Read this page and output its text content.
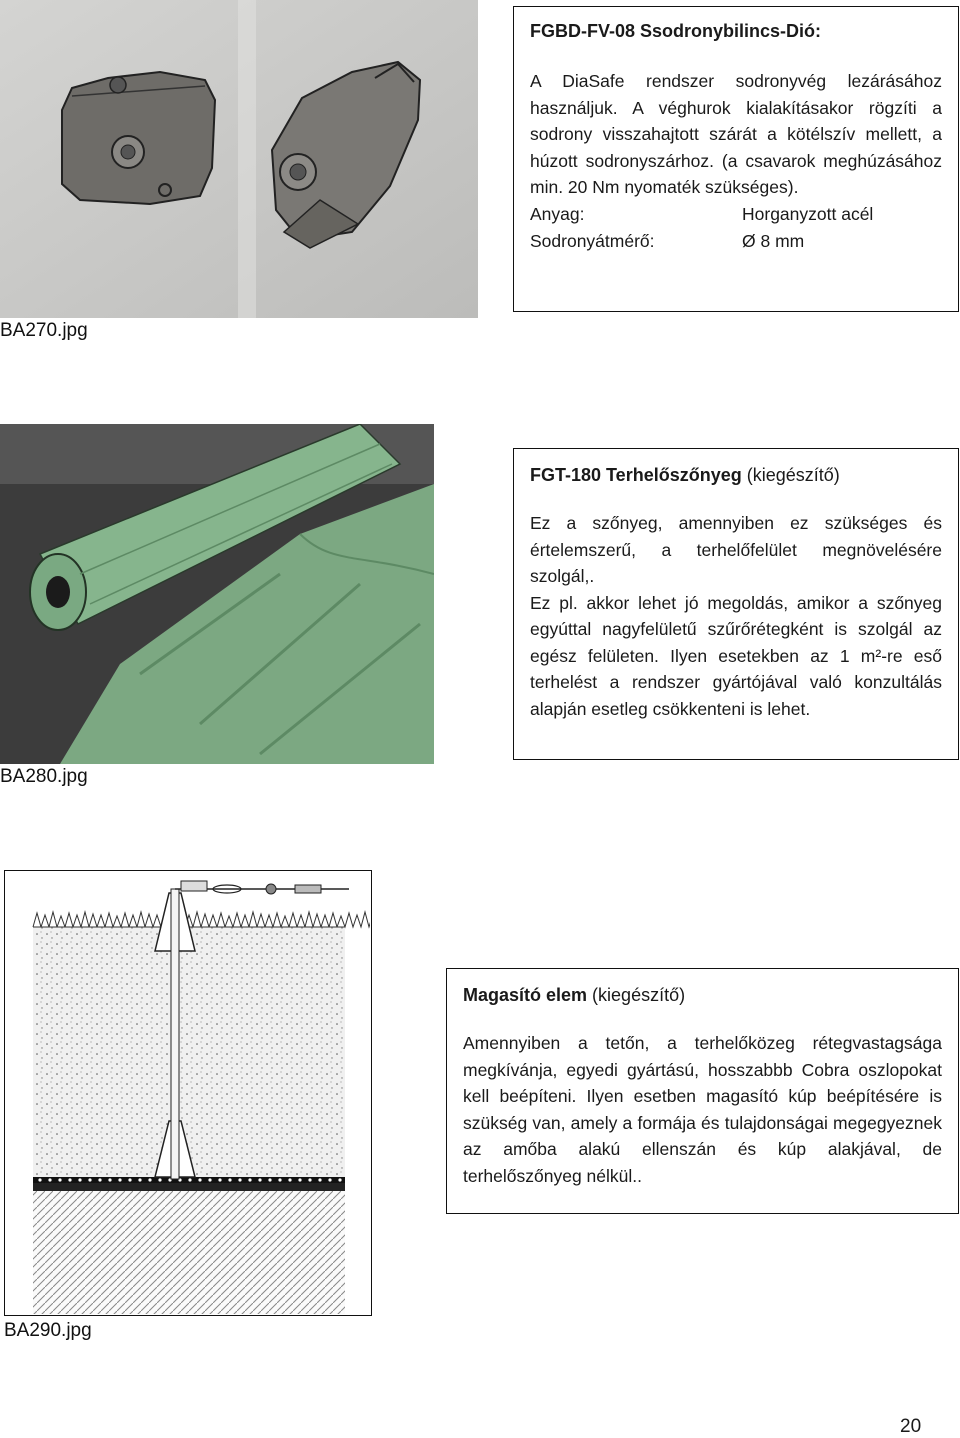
BA270.jpg
FGBD-FV-08 Ssodronybilincs-Dió:

A DiaSafe rendszer sodronyvég lezárásához használjuk. A véghurok kialakításakor rögzíti a sodrony visszahajtott szárát a kötélszív mellett, a húzott sodronyszárhoz. (a csavarok meghúzásához min. 20 Nm nyomaték szükséges).

Anyag:	Horganyzott acél
Sodronyátmérő:	Ø 8 mm
BA280.jpg
FGT-180 Terhelőszőnyeg (kiegészítő)

Ez a szőnyeg, amennyiben ez szükséges és értelemszerű, a terhelőfelület megnövelésére szolgál,.

Ez pl. akkor lehet jó megoldás, amikor a szőnyeg egyúttal nagyfelületű szűrőrétegként is szolgál az egész felületen. Ilyen esetekben az 1 m²-re eső terhelést a rendszer gyártójával való konzultálás alapján esetleg csökkenteni is lehet.

BA290.jpg
Magasító elem (kiegészítő)

Amennyiben a tetőn, a terhelőközeg rétegvastagsága megkívánja, egyedi gyártású, hosszabbb Cobra oszlopokat kell beépíteni. Ilyen esetben magasító kúp beépítésére is szükség van, amely a formája és tulajdonságai megegyeznek az amőba alakú ellenszán és kúp alakjával, de terhelőszőnyeg nélkül..

20
